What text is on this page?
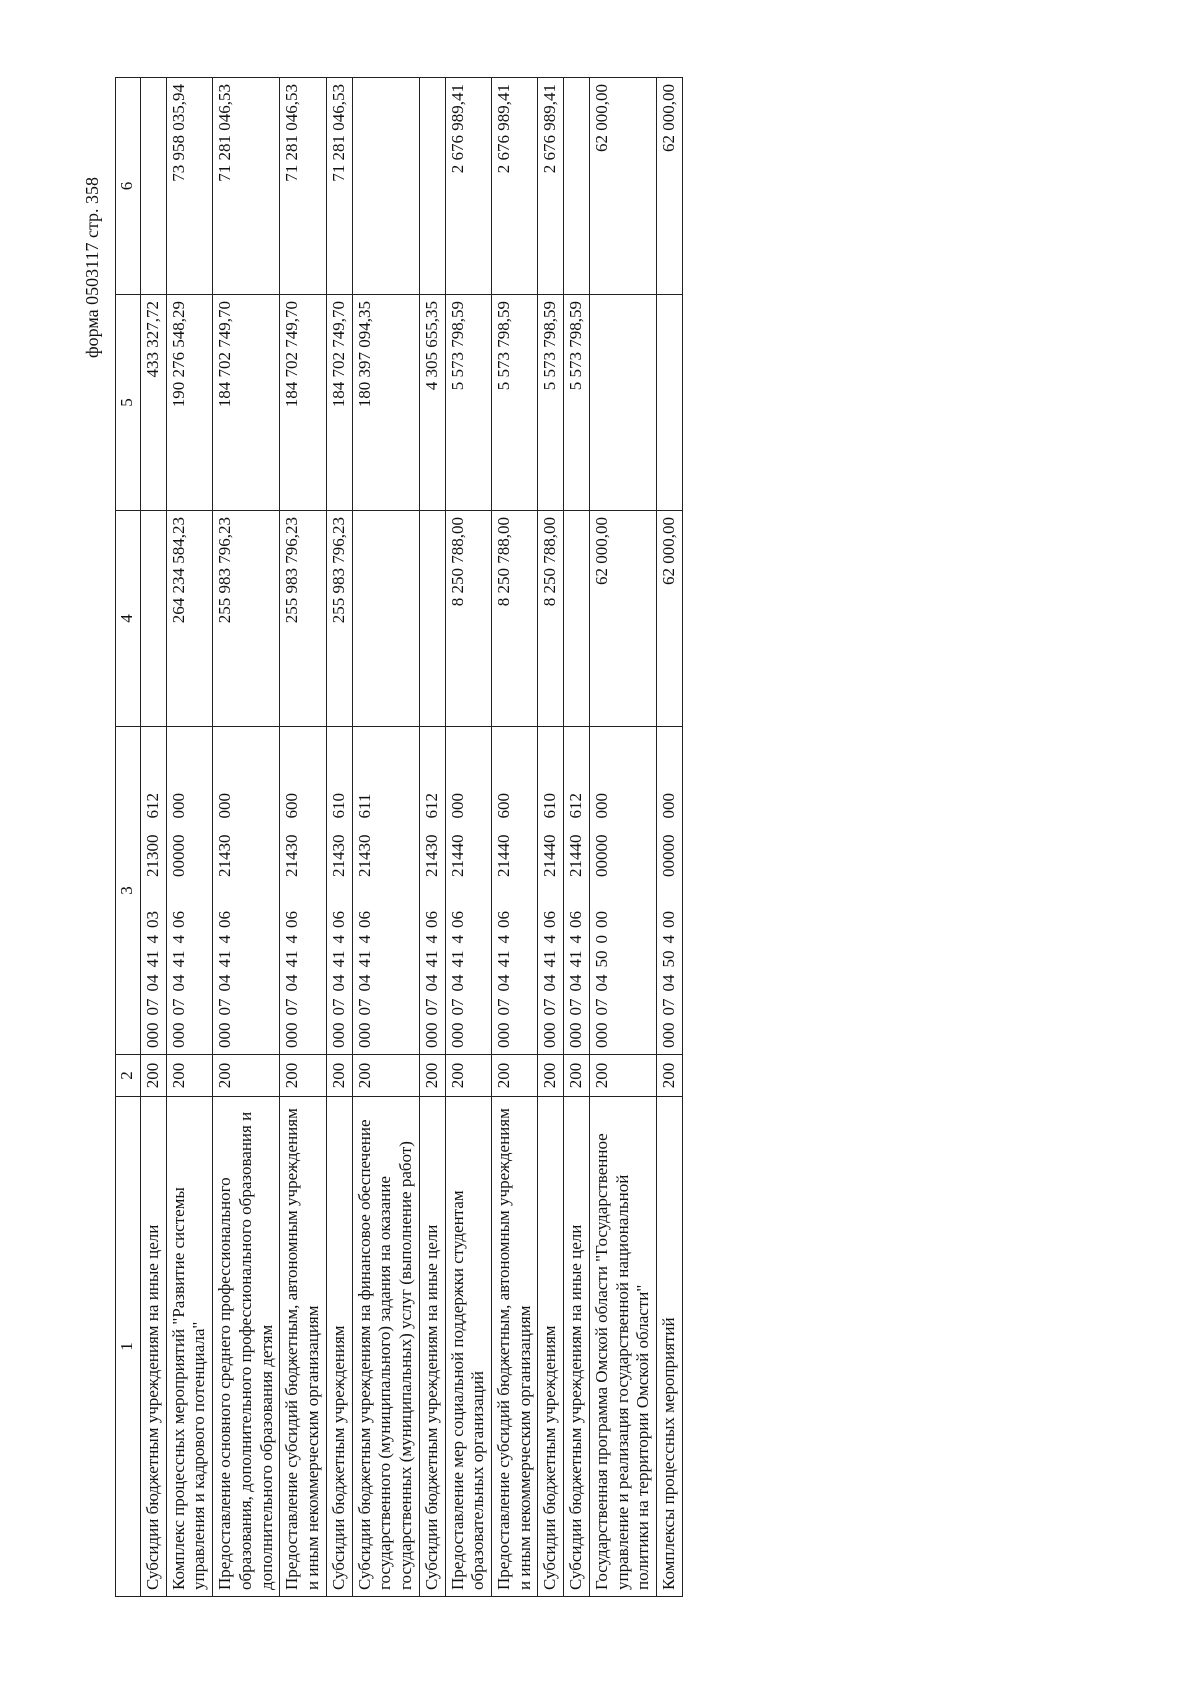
форма 0503117 стр. 358
1	2	3	4	5	6
Субсидии бюджетным учреждениям на иные цели	200	00007044140321300612		433 327,72	
Комплекс процессных мероприятий "Развитие системы управления и кадрового потенциала"	200	00007044140600000000	264 234 584,23	190 276 548,29	73 958 035,94
Предоставление основного среднего профессионального образования, дополнительного профессионального образования и дополнительного образования детям	200	00007044140621430000	255 983 796,23	184 702 749,70	71 281 046,53
Предоставление субсидий бюджетным, автономным учреждениям и иным некоммерческим организациям	200	00007044140621430600	255 983 796,23	184 702 749,70	71 281 046,53
Субсидии бюджетным учреждениям	200	00007044140621430610	255 983 796,23	184 702 749,70	71 281 046,53
Субсидии бюджетным учреждениям на финансовое обеспечение государственного (муниципального) задания на оказание государственных (муниципальных) услуг (выполнение работ)	200	00007044140621430611		180 397 094,35	
Субсидии бюджетным учреждениям на иные цели	200	00007044140621430612		4 305 655,35	
Предоставление мер социальной поддержки студентам образовательных организаций	200	00007044140621440000	8 250 788,00	5 573 798,59	2 676 989,41
Предоставление субсидий бюджетным, автономным учреждениям и иным некоммерческим организациям	200	00007044140621440600	8 250 788,00	5 573 798,59	2 676 989,41
Субсидии бюджетным учреждениям	200	00007044140621440610	8 250 788,00	5 573 798,59	2 676 989,41
Субсидии бюджетным учреждениям на иные цели	200	00007044140621440612		5 573 798,59	
Государственная программа Омской области "Государственное управление и реализация государственной национальной политики на территории Омской области"	200	00007045000000000000	62 000,00		62 000,00
Комплексы процессных мероприятий	200	00007045040000000000	62 000,00		62 000,00
